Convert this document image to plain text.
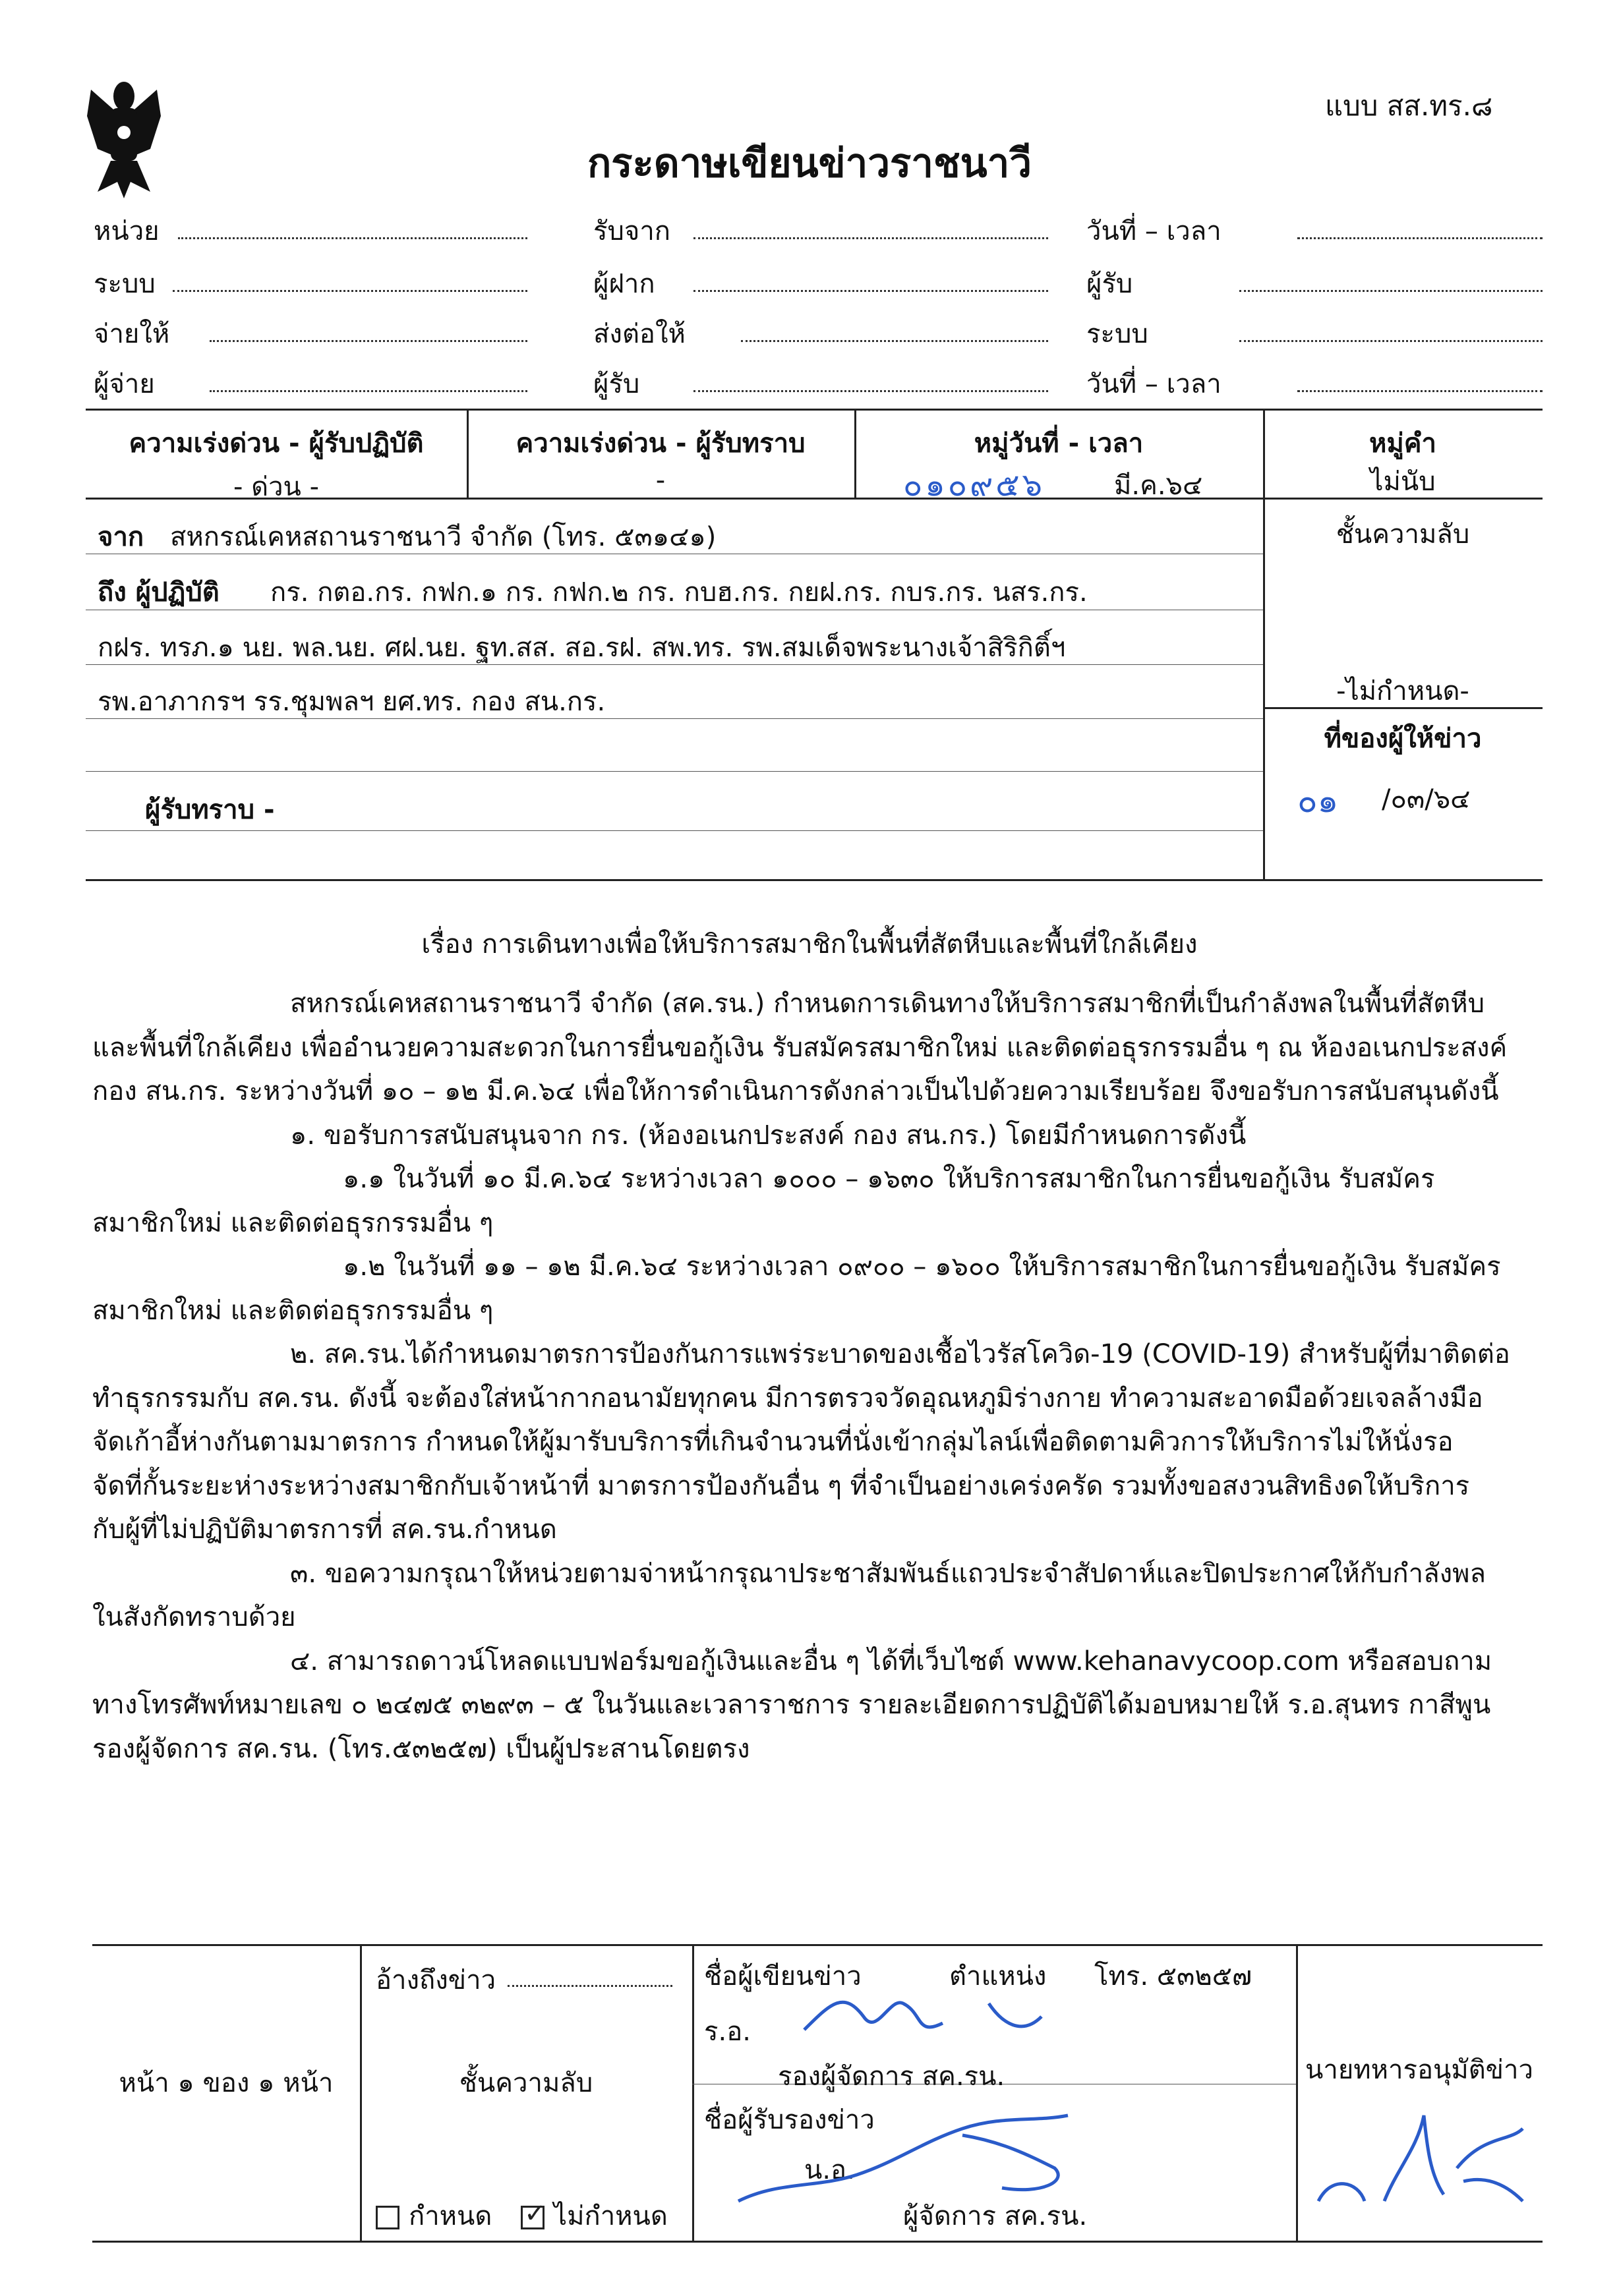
แบบ สส.ทร.๘
กระดาษเขียนข่าวราชนาวี
หน่วย
ระบบ
จ่ายให้
ผู้จ่าย
รับจาก
ผู้ฝาก
ส่งต่อให้
ผู้รับ
วันที่ – เวลา
ผู้รับ
ระบบ
วันที่ – เวลา
ความเร่งด่วน - ผู้รับปฏิบัติ
- ด่วน -
ความเร่งด่วน - ผู้รับทราบ
-
หมู่วันที่ - เวลา
๐๑๐๙๕๖	มี.ค.๖๔
หมู่คำ
ไม่นับ
จาก สหกรณ์เคหสถานราชนาวี จำกัด (โทร. ๕๓๑๔๑)
ถึง ผู้ปฏิบัติ กร. กตอ.กร. กฟก.๑ กร. กฟก.๒ กร. กบฮ.กร. กยฝ.กร. กบร.กร. นสร.กร.
กฝร. ทรภ.๑ นย. พล.นย. ศฝ.นย. ฐท.สส. สอ.รฝ. สพ.ทร. รพ.สมเด็จพระนางเจ้าสิริกิติ์ฯ
รพ.อาภากรฯ รร.ชุมพลฯ ยศ.ทร. กอง สน.กร.
ผู้รับทราบ -
ชั้นความลับ
-ไม่กำหนด-
ที่ของผู้ให้ข่าว
๐๑ /๐๓/๖๔
เรื่อง การเดินทางเพื่อให้บริการสมาชิกในพื้นที่สัตหีบและพื้นที่ใกล้เคียง
สหกรณ์เคหสถานราชนาวี จำกัด (สค.รน.) กำหนดการเดินทางให้บริการสมาชิกที่เป็นกำลังพลในพื้นที่สัตหีบ
และพื้นที่ใกล้เคียง เพื่ออำนวยความสะดวกในการยื่นขอกู้เงิน รับสมัครสมาชิกใหม่ และติดต่อธุรกรรมอื่น ๆ ณ ห้องอเนกประสงค์
กอง สน.กร. ระหว่างวันที่ ๑๐ – ๑๒ มี.ค.๖๔ เพื่อให้การดำเนินการดังกล่าวเป็นไปด้วยความเรียบร้อย จึงขอรับการสนับสนุนดังนี้
๑. ขอรับการสนับสนุนจาก กร. (ห้องอเนกประสงค์ กอง สน.กร.) โดยมีกำหนดการดังนี้
๑.๑ ในวันที่ ๑๐ มี.ค.๖๔ ระหว่างเวลา ๑๐๐๐ – ๑๖๓๐ ให้บริการสมาชิกในการยื่นขอกู้เงิน รับสมัคร
สมาชิกใหม่ และติดต่อธุรกรรมอื่น ๆ
๑.๒ ในวันที่ ๑๑ – ๑๒ มี.ค.๖๔ ระหว่างเวลา ๐๙๐๐ – ๑๖๐๐ ให้บริการสมาชิกในการยื่นขอกู้เงิน รับสมัคร
สมาชิกใหม่ และติดต่อธุรกรรมอื่น ๆ
๒. สค.รน.ได้กำหนดมาตรการป้องกันการแพร่ระบาดของเชื้อไวรัสโควิด-19 (COVID-19) สำหรับผู้ที่มาติดต่อ
ทำธุรกรรมกับ สค.รน. ดังนี้ จะต้องใส่หน้ากากอนามัยทุกคน มีการตรวจวัดอุณหภูมิร่างกาย ทำความสะอาดมือด้วยเจลล้างมือ
จัดเก้าอี้ห่างกันตามมาตรการ กำหนดให้ผู้มารับบริการที่เกินจำนวนที่นั่งเข้ากลุ่มไลน์เพื่อติดตามคิวการให้บริการไม่ให้นั่งรอ
จัดที่กั้นระยะห่างระหว่างสมาชิกกับเจ้าหน้าที่ มาตรการป้องกันอื่น ๆ ที่จำเป็นอย่างเคร่งครัด รวมทั้งขอสงวนสิทธิงดให้บริการ
กับผู้ที่ไม่ปฏิบัติมาตรการที่ สค.รน.กำหนด
๓. ขอความกรุณาให้หน่วยตามจ่าหน้ากรุณาประชาสัมพันธ์แถวประจำสัปดาห์และปิดประกาศให้กับกำลังพล
ในสังกัดทราบด้วย
๔. สามารถดาวน์โหลดแบบฟอร์มขอกู้เงินและอื่น ๆ ได้ที่เว็บไซต์ www.kehanavycoop.com หรือสอบถาม
ทางโทรศัพท์หมายเลข ๐ ๒๔๗๕ ๓๒๙๓ – ๕ ในวันและเวลาราชการ รายละเอียดการปฏิบัติได้มอบหมายให้ ร.อ.สุนทร กาสีพูน
รองผู้จัดการ สค.รน. (โทร.๕๓๒๕๗) เป็นผู้ประสานโดยตรง
หน้า ๑ ของ ๑ หน้า
อ้างถึงข่าว
ชั้นความลับ
กำหนด ✓ ไม่กำหนด
ชื่อผู้เขียนข่าว	ตำแหน่ง โทร. ๕๓๒๕๗
ร.อ.
รองผู้จัดการ สค.รน.
ชื่อผู้รับรองข่าว
น.อ.
ผู้จัดการ สค.รน.
นายทหารอนุมัติข่าว
